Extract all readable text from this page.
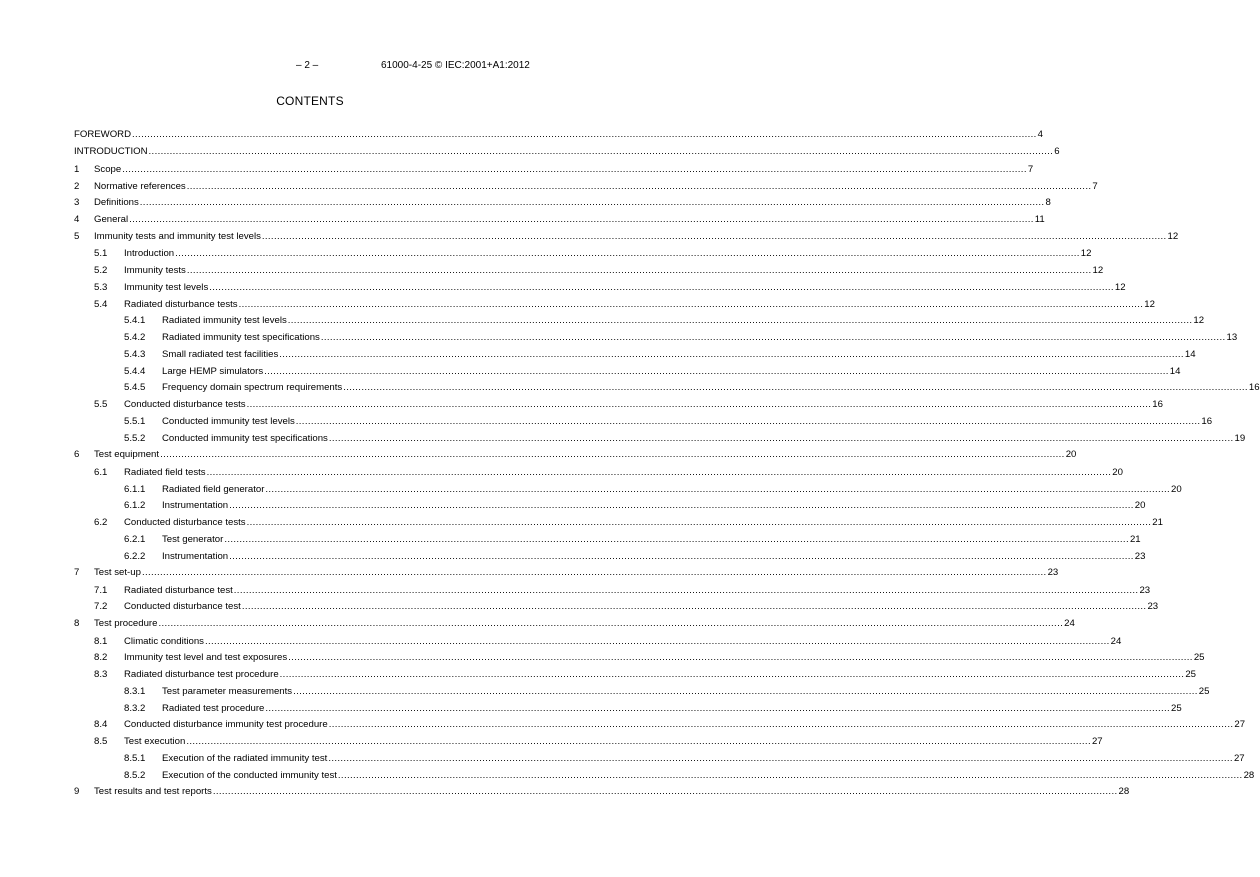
– 2 –	61000-4-25 © IEC:2001+A1:2012
CONTENTS
FOREWORD ............................................................................................................................................................................................................................................................................................................ 4
INTRODUCTION ............................................................................................................................................................................................................................................................................................................ 6
1	Scope ............................................................................................................................................................................................................................................................................................................ 7
2	Normative references ............................................................................................................................................................................................................................................................................................................ 7
3	Definitions ............................................................................................................................................................................................................................................................................................................ 8
4	General ............................................................................................................................................................................................................................................................................................................ 11
5	Immunity tests and immunity test levels ............................................................................................................................................................................................................................................................................................................ 12
5.1	Introduction ............................................................................................................................................................................................................................................................................................................ 12
5.2	Immunity tests ............................................................................................................................................................................................................................................................................................................ 12
5.3	Immunity test levels ............................................................................................................................................................................................................................................................................................................ 12
5.4	Radiated disturbance tests ............................................................................................................................................................................................................................................................................................................ 12
5.4.1	Radiated immunity test levels ............................................................................................................................................................................................................................................................................................................ 12
5.4.2	Radiated immunity test specifications ............................................................................................................................................................................................................................................................................................................ 13
5.4.3	Small radiated test facilities ............................................................................................................................................................................................................................................................................................................ 14
5.4.4	Large HEMP simulators ............................................................................................................................................................................................................................................................................................................ 14
5.4.5	Frequency domain spectrum requirements ............................................................................................................................................................................................................................................................................................................ 16
5.5	Conducted disturbance tests ............................................................................................................................................................................................................................................................................................................ 16
5.5.1	Conducted immunity test levels ............................................................................................................................................................................................................................................................................................................ 16
5.5.2	Conducted immunity test specifications ............................................................................................................................................................................................................................................................................................................ 19
6	Test equipment ............................................................................................................................................................................................................................................................................................................ 20
6.1	Radiated field tests ............................................................................................................................................................................................................................................................................................................ 20
6.1.1	Radiated field generator ............................................................................................................................................................................................................................................................................................................ 20
6.1.2	Instrumentation ............................................................................................................................................................................................................................................................................................................ 20
6.2	Conducted disturbance tests ............................................................................................................................................................................................................................................................................................................ 21
6.2.1	Test generator ............................................................................................................................................................................................................................................................................................................ 21
6.2.2	Instrumentation ............................................................................................................................................................................................................................................................................................................ 23
7	Test set-up ............................................................................................................................................................................................................................................................................................................ 23
7.1	Radiated disturbance test ............................................................................................................................................................................................................................................................................................................ 23
7.2	Conducted disturbance test ............................................................................................................................................................................................................................................................................................................ 23
8	Test procedure ............................................................................................................................................................................................................................................................................................................ 24
8.1	Climatic conditions ............................................................................................................................................................................................................................................................................................................ 24
8.2	Immunity test level and test exposures ............................................................................................................................................................................................................................................................................................................ 25
8.3	Radiated disturbance test procedure ............................................................................................................................................................................................................................................................................................................ 25
8.3.1	Test parameter measurements ............................................................................................................................................................................................................................................................................................................ 25
8.3.2	Radiated test procedure ............................................................................................................................................................................................................................................................................................................ 25
8.4	Conducted disturbance immunity test procedure ............................................................................................................................................................................................................................................................................................................ 27
8.5	Test execution ............................................................................................................................................................................................................................................................................................................ 27
8.5.1	Execution of the radiated immunity test ............................................................................................................................................................................................................................................................................................................ 27
8.5.2	Execution of the conducted immunity test ............................................................................................................................................................................................................................................................................................................ 28
9	Test results and test reports ............................................................................................................................................................................................................................................................................................................ 28
